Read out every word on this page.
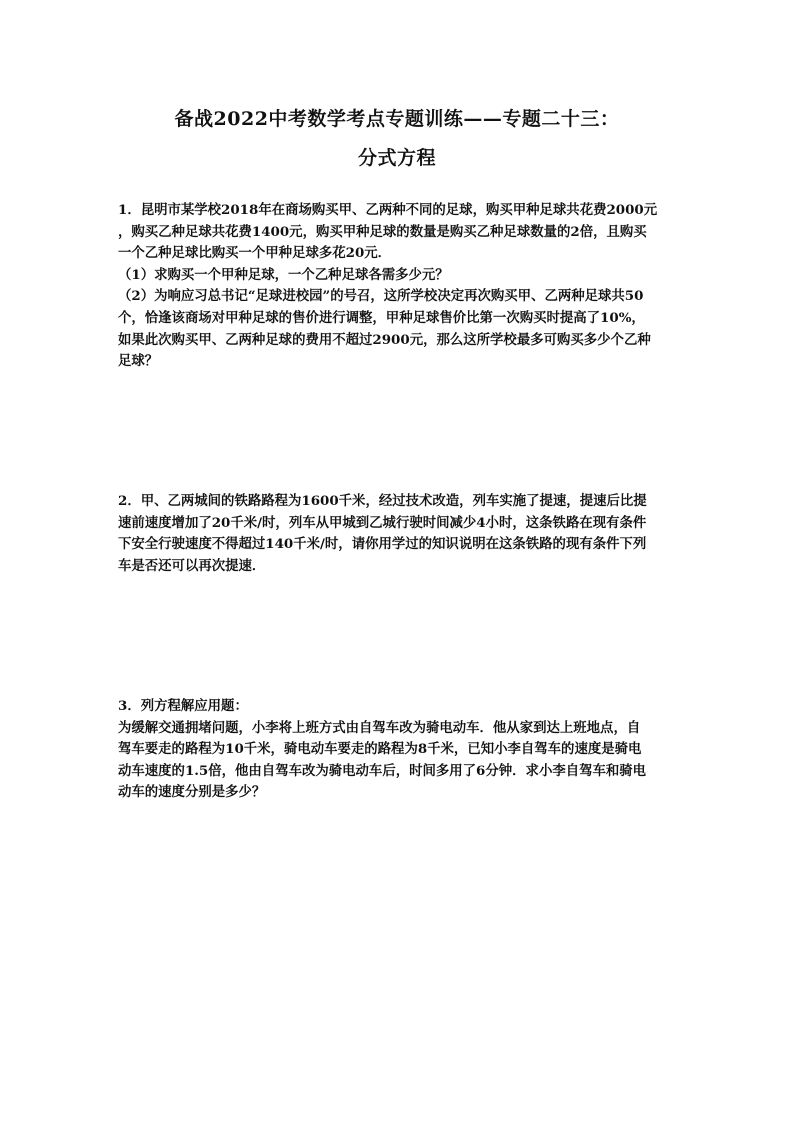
备战2022中考数学考点专题训练——专题二十三：
分式方程
1．昆明市某学校2018年在商场购买甲、乙两种不同的足球，购买甲种足球共花费2000元
，购买乙种足球共花费1400元，购买甲种足球的数量是购买乙种足球数量的2倍，且购买
一个乙种足球比购买一个甲种足球多花20元．
（1）求购买一个甲种足球，一个乙种足球各需多少元？
（2）为响应习总书记“足球进校园”的号召，这所学校决定再次购买甲、乙两种足球共50
个，恰逢该商场对甲种足球的售价进行调整，甲种足球售价比第一次购买时提高了10%，
如果此次购买甲、乙两种足球的费用不超过2900元，那么这所学校最多可购买多少个乙种
足球？
2．甲、乙两城间的铁路路程为1600千米，经过技术改造，列车实施了提速，提速后比提
速前速度增加了20千米/时，列车从甲城到乙城行驶时间减少4小时，这条铁路在现有条件
下安全行驶速度不得超过140千米/时，请你用学过的知识说明在这条铁路的现有条件下列
车是否还可以再次提速．
3．列方程解应用题：
为缓解交通拥堵问题，小李将上班方式由自驾车改为骑电动车．他从家到达上班地点，自
驾车要走的路程为10千米，骑电动车要走的路程为8千米，已知小李自驾车的速度是骑电
动车速度的1.5倍，他由自驾车改为骑电动车后，时间多用了6分钟．求小李自驾车和骑电
动车的速度分别是多少？
